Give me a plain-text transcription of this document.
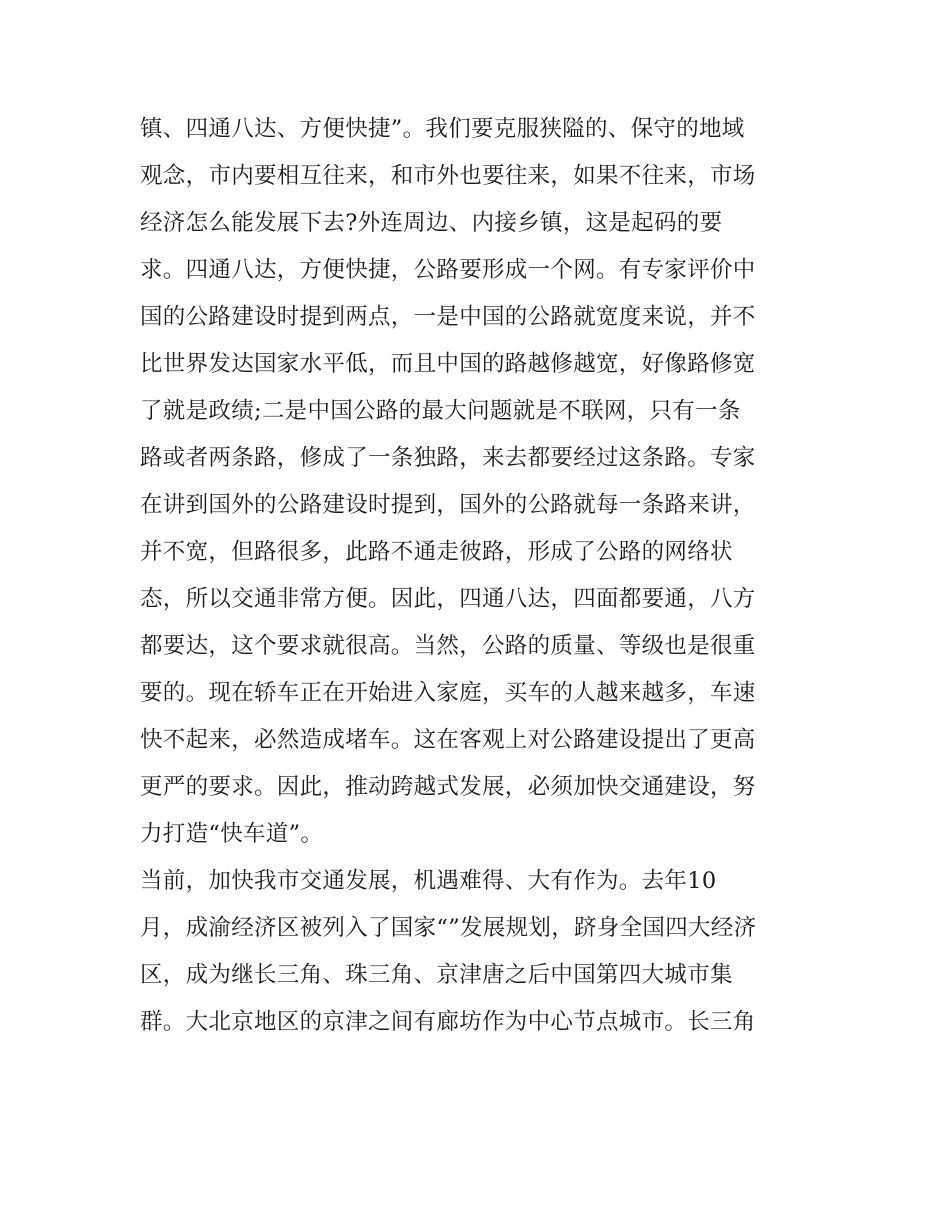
镇、四通八达、方便快捷”。我们要克服狭隘的、保守的地域
观念，市内要相互往来，和市外也要往来，如果不往来，市场
经济怎么能发展下去?外连周边、内接乡镇，这是起码的要
求。四通八达，方便快捷，公路要形成一个网。有专家评价中
国的公路建设时提到两点，一是中国的公路就宽度来说，并不
比世界发达国家水平低，而且中国的路越修越宽，好像路修宽
了就是政绩;二是中国公路的最大问题就是不联网，只有一条
路或者两条路，修成了一条独路，来去都要经过这条路。专家
在讲到国外的公路建设时提到，国外的公路就每一条路来讲，
并不宽，但路很多，此路不通走彼路，形成了公路的网络状
态，所以交通非常方便。因此，四通八达，四面都要通，八方
都要达，这个要求就很高。当然，公路的质量、等级也是很重
要的。现在轿车正在开始进入家庭，买车的人越来越多，车速
快不起来，必然造成堵车。这在客观上对公路建设提出了更高
更严的要求。因此，推动跨越式发展，必须加快交通建设，努
力打造“快车道”。
当前，加快我市交通发展，机遇难得、大有作为。去年10
月，成渝经济区被列入了国家“”发展规划，跻身全国四大经济
区，成为继长三角、珠三角、京津唐之后中国第四大城市集
群。大北京地区的京津之间有廊坊作为中心节点城市。长三角
